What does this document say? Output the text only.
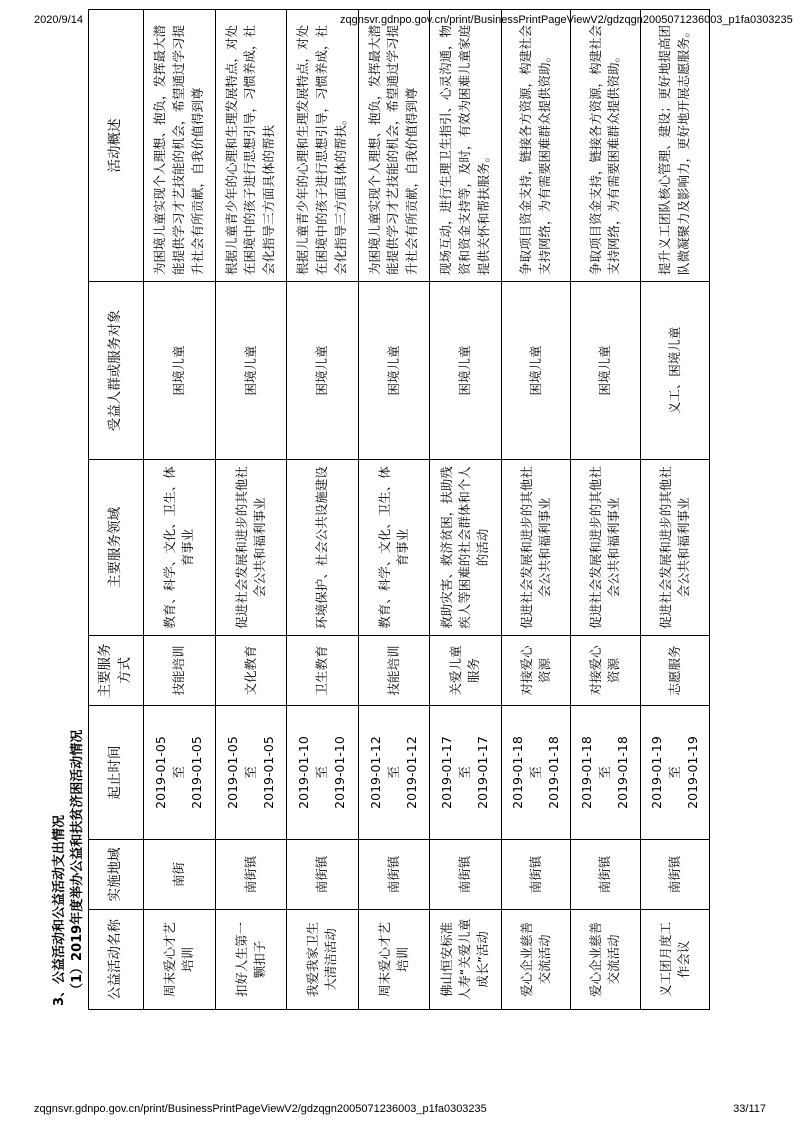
2020/9/14	zqgnsvr.gdnpo.gov.cn/print/BusinessPrintPageViewV2/gdzqgn2005071236003_p1fa0303235
3、公益活动和公益活动支出情况 （1）2019年度举办公益和扶贫济困活动情况 公益活动名称	实施地域	起止时间	主要服务方式	主要服务领域	受益人群或服务对象	活动概述
周末爱心才艺培训	南街	2019-01-05 至 2019-01-05	技能培训	教育、科学、文化、卫生、体育事业	困境儿童	为困境儿童实现个人理想、抱负，发挥最大潜能提供学习才艺技能的机会，希望通过学习提升社会有所贡献，自我价值得到尊
扣好人生第一颗扣子	南街镇	2019-01-05 至 2019-01-05	文化教育	促进社会发展和进步的其他社会公共和福利事业	困境儿童	根据儿童青少年的心理和生理发展特点，对处在困境中的孩子进行思想引导，习惯养成，社会化指导三方面具体的帮扶
我爱我家卫生大清洁活动	南街镇	2019-01-10 至 2019-01-10	卫生教育	环境保护、社会公共设施建设	困境儿童	根据儿童青少年的心理和生理发展特点，对处在困境中的孩子进行思想引导，习惯养成，社会化指导三方面具体的帮扶。
周末爱心才艺培训	南街镇	2019-01-12 至 2019-01-12	技能培训	教育、科学、文化、卫生、体育事业	困境儿童	为困境儿童实现个人理想、抱负，发挥最大潜能提供学习才艺技能的机会，希望通过学习提升社会有所贡献，自我价值得到尊
佛山恒安标准人寿“关爱儿童成长”活动	南街镇	2019-01-17 至 2019-01-17	关爱儿童服务	救助灾害、救济贫困，扶助残疾人等困难的社会群体和个人的活动	困境儿童	现场互动，进行生理卫生指引、心灵沟通，物资和资金支持等，及时，有效为困难儿童家庭提供关怀和帮扶服务。
爱心企业慈善交流活动	南街镇	2019-01-18 至 2019-01-18	对接爱心资源	促进社会发展和进步的其他社会公共和福利事业	困境儿童	争取项目资金支持，链接各方资源，构建社会支持网络，为有需要困难群众提供资助。
爱心企业慈善交流活动	南街镇	2019-01-18 至 2019-01-18	对接爱心资源	促进社会发展和进步的其他社会公共和福利事业	困境儿童	争取项目资金支持，链接各方资源，构建社会支持网络，为有需要困难群众提供资助。
义工团月度工作会议	南街镇	2019-01-19 至 2019-01-19	志愿服务	促进社会发展和进步的其他社会公共和福利事业	义工、困境儿童	提升义工团队核心管理、建设；更好地提高团队微凝聚力及影响力，更好地开展志愿服务。
zqgnsvr.gdnpo.gov.cn/print/BusinessPrintPageViewV2/gdzqgn2005071236003_p1fa0303235	33/117
